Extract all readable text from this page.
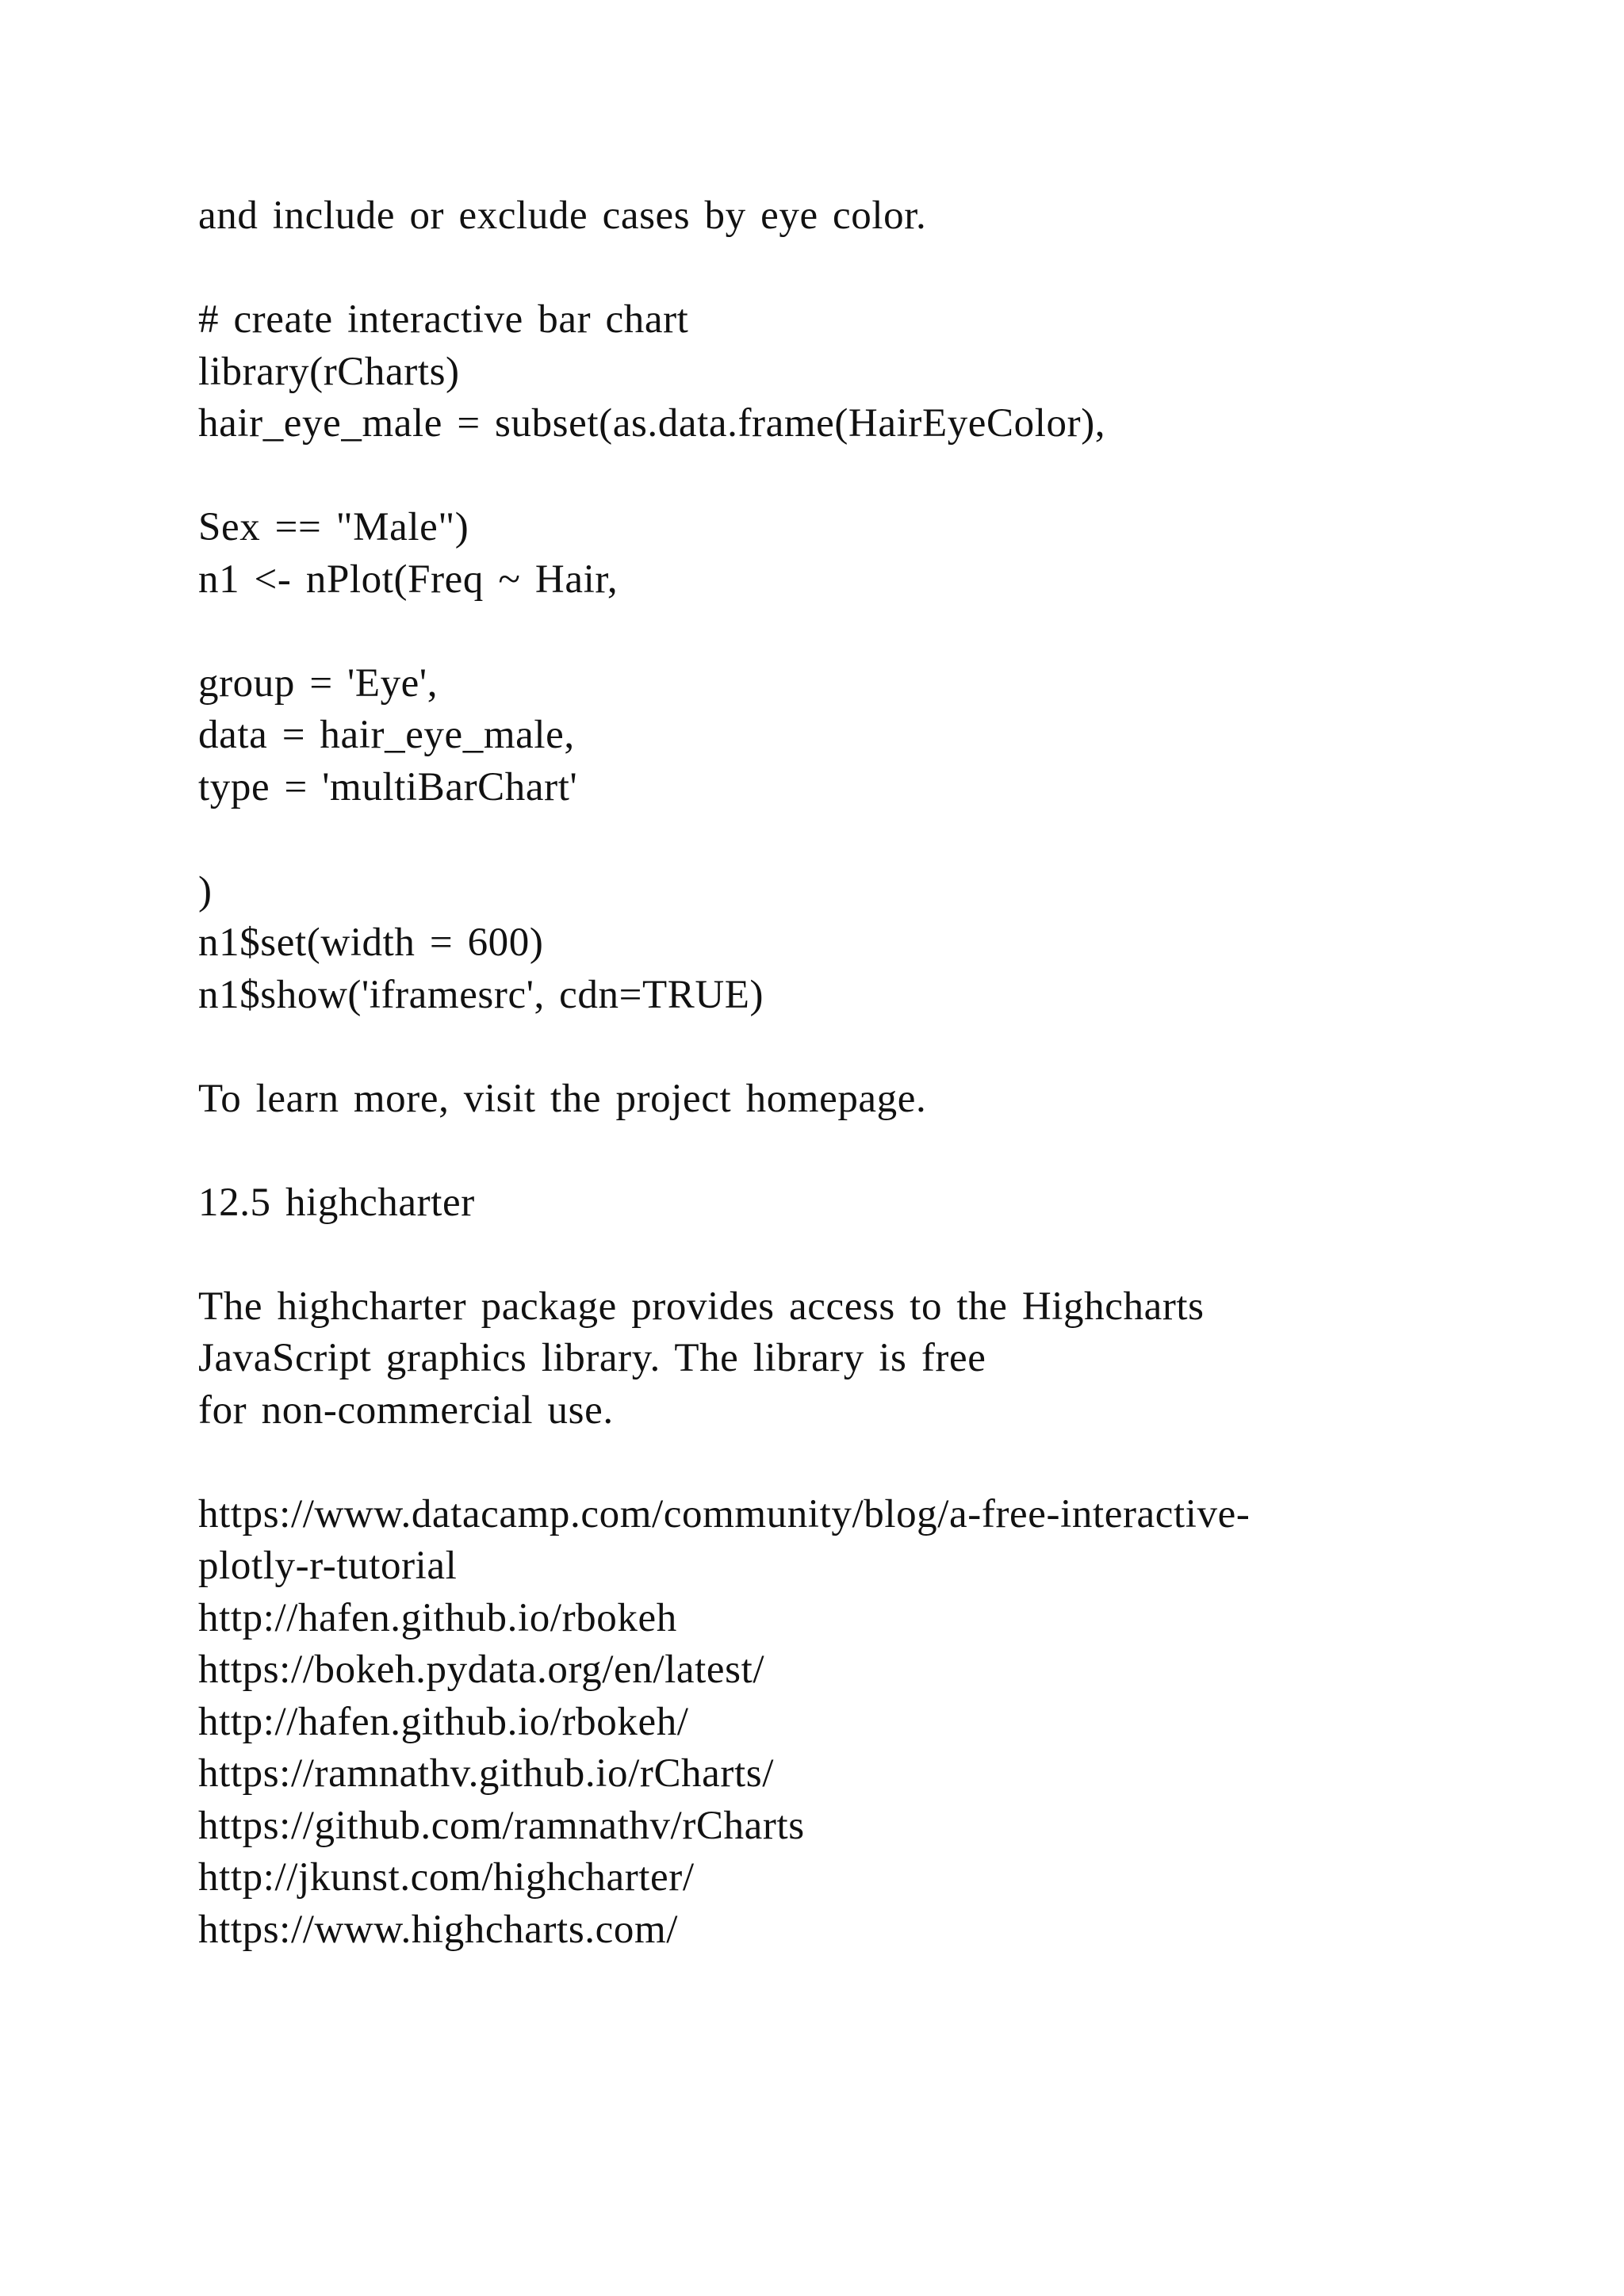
and include or exclude cases by eye color.
# create interactive bar chart
library(rCharts)
hair_eye_male = subset(as.data.frame(HairEyeColor),
Sex == "Male")
n1 <- nPlot(Freq ~ Hair,
group = 'Eye',
data = hair_eye_male,
type = 'multiBarChart'
)
n1$set(width = 600)
n1$show('iframesrc', cdn=TRUE)
To learn more, visit the project homepage.
12.5 highcharter
The highcharter package provides access to the Highcharts
JavaScript graphics library. The library is free
for non-commercial use.
https://www.datacamp.com/community/blog/a-free-interactive-
plotly-r-tutorial
http://hafen.github.io/rbokeh
https://bokeh.pydata.org/en/latest/
http://hafen.github.io/rbokeh/
https://ramnathv.github.io/rCharts/
https://github.com/ramnathv/rCharts
http://jkunst.com/highcharter/
https://www.highcharts.com/
